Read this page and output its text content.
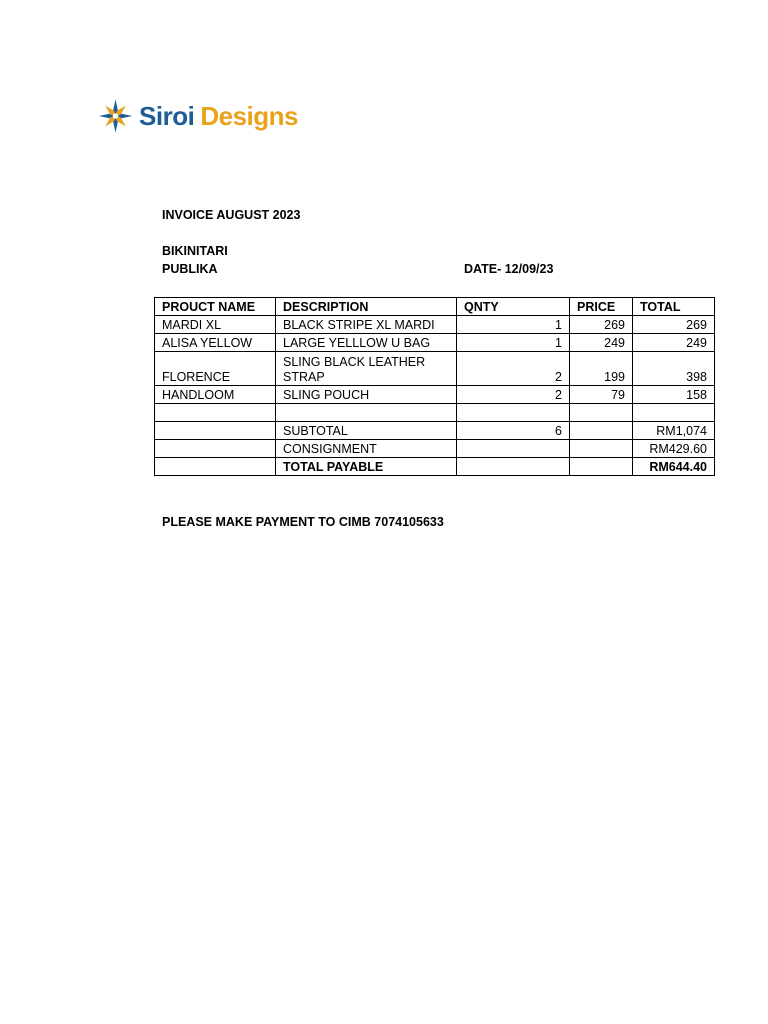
Siroi Designs
INVOICE AUGUST 2023
BIKINITARI
PUBLIKA	DATE- 12/09/23
PROUCT NAME	DESCRIPTION	QNTY	PRICE	TOTAL
MARDI XL	BLACK STRIPE XL MARDI	1	269	269
ALISA YELLOW	LARGE YELLLOW U BAG	1	249	249
FLORENCE	SLING BLACK LEATHER STRAP	2	199	398
HANDLOOM	SLING POUCH	2	79	158

	SUBTOTAL	6		RM1,074
	CONSIGNMENT			RM429.60
	TOTAL PAYABLE			RM644.40
PLEASE MAKE PAYMENT TO CIMB 7074105633
